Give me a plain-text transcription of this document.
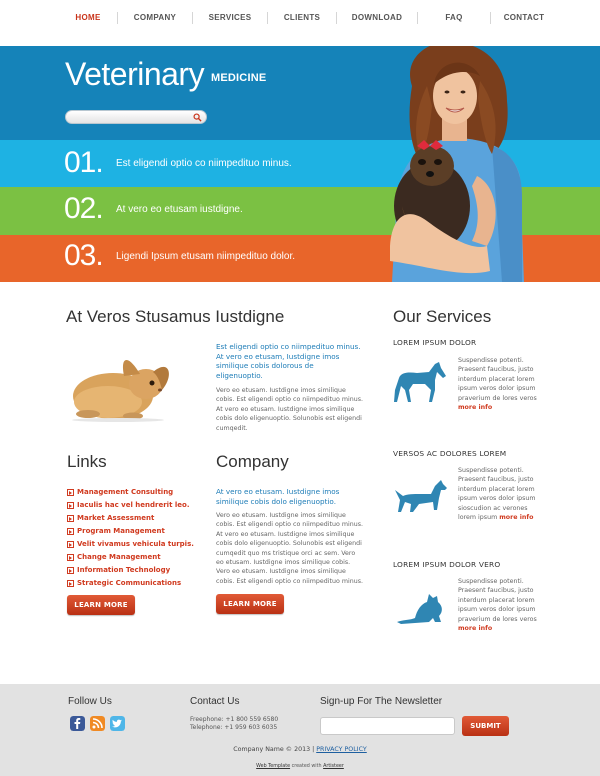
HOME	COMPANY	SERVICES	CLIENTS	DOWNLOAD	FAQ	CONTACT
Veterinary MEDICINE
01.	Est eligendi optio co niimpedituo minus.
02.	At vero eo etusam iustdigne.
03.	Ligendi Ipsum etusam niimpedituo dolor.
At Veros Stusamus Iustdigne
Est eligendi optio co niimpedituo minus. At vero eo etusam, Iustdigne imos similique cobis dolorous de eligenuoptio.
Vero eo etusam. Iustdigne imos similique cobis. Est eligendi optio co niimpedituo minus. At vero eo etusam. Iustdigne imos similique cobis dolo eligenuoptio. Solunobis est eligendi cumqedit.
Links
Management Consulting
Iaculis hac vel hendrerit leo.
Market Assessment
Program Management
Velit vivamus vehicula turpis.
Change Management
Information Technology
Strategic Communications
LEARN MORE
Company
At vero eo etusam. Iustdigne imos similique cobis dolo eligenuoptio.
Vero eo etusam. Iustdigne imos similique cobis. Est eligendi optio co niimpedituo minus. At vero eo etusam. Iustdigne imos similique cobis dolo eligenuoptio. Solunobis est eligendi cumqedit quo ms tristique orci ac sem. Vero eo etusam. Iustdigne imos similique cobis. Vero eo etusam. Iustdigne imos similique cobis. Est eligendi optio co niimpedituo minus.
LEARN MORE
Our Services
LOREM IPSUM DOLOR
Suspendisse potenti. Praesent faucibus, justo interdum placerat lorem ipsum veros dolor ipsum praverium de lores veros more info
VERSOS AC DOLORES LOREM
Suspendisse potenti. Praesent faucibus, justo interdum placerat lorem ipsum veros dolor ipsum sioscudion ac verones lorem ipsum more info
LOREM IPSUM DOLOR VERO
Suspendisse potenti. Praesent faucibus, justo interdum placerat lorem ipsum veros dolor ipsum praverium de lores veros more info
Follow Us	Contact Us
Freephone: +1 800 559 6580
Telephone: +1 959 603 6035
Sign-up For The Newsletter
SUBMIT
Company Name © 2013 | PRIVACY POLICY
Web Template created with Artisteer
